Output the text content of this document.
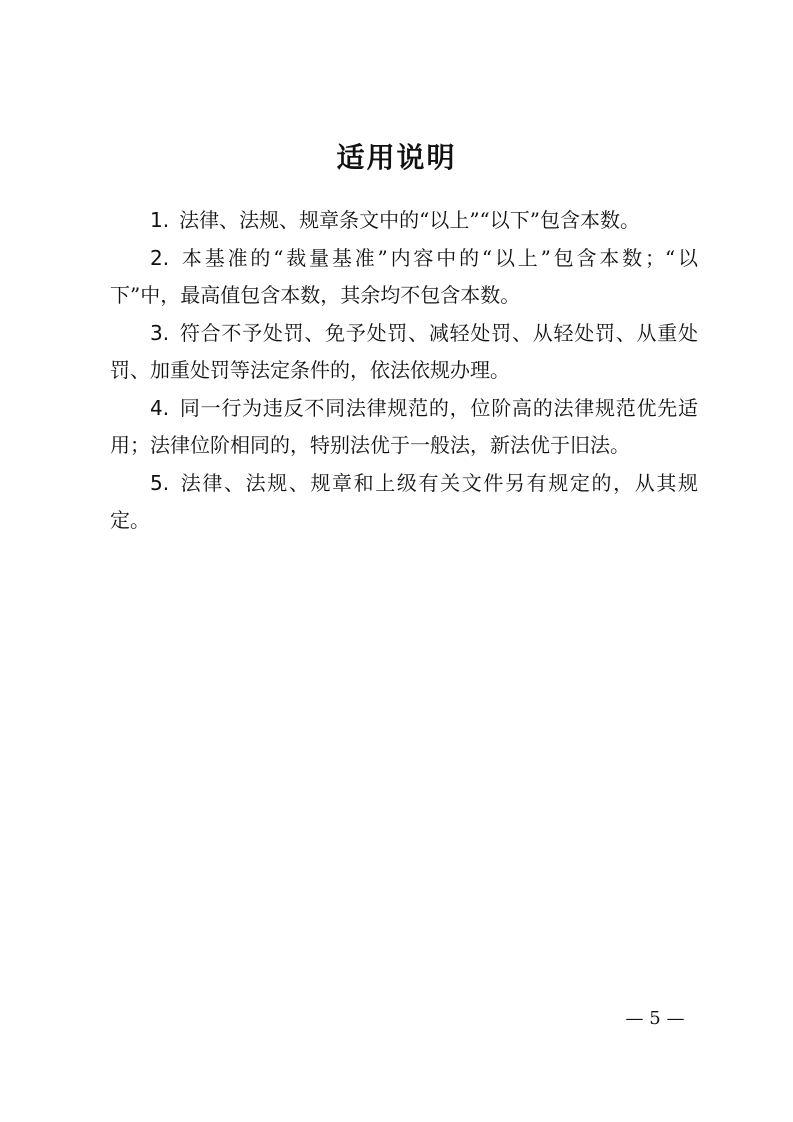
适用说明

1. 法律、法规、规章条文中的“以上”“以下”包含本数。

2. 本基准的“裁量基准”内容中的“以上”包含本数；“以下”中，最高值包含本数，其余均不包含本数。

3. 符合不予处罚、免予处罚、减轻处罚、从轻处罚、从重处罚、加重处罚等法定条件的，依法依规办理。

4. 同一行为违反不同法律规范的，位阶高的法律规范优先适用；法律位阶相同的，特别法优于一般法，新法优于旧法。

5. 法律、法规、规章和上级有关文件另有规定的，从其规定。

— 5 —
